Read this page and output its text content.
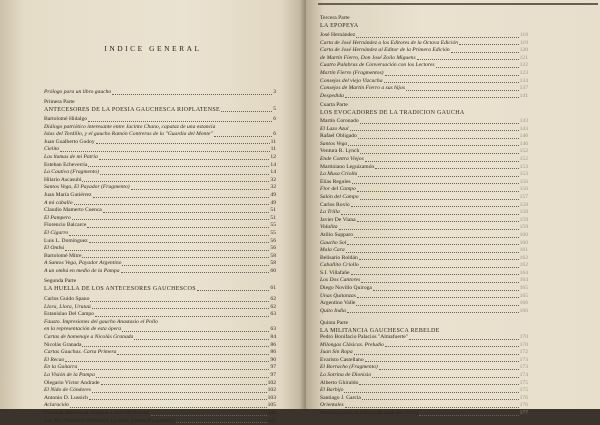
INDICE GENERAL
Prólogo para un libro gaucho	3
Primera Parte
ANTECESORES DE LA POESIA GAUCHESCA RIOPLATENSE	5
Bartolomé Hidalgo	6
Diálogo patriótico interesante entre Jacinto Chano, capataz de una estancia
Islas del Tordillo, y el gaucho Ramón Contreras de la "Guardia del Monte"	6
Juan Gualberto Godoy	11
Cielito	11
Las llamas de mi Patria	12
Esteban Echeverría	14
La Cautiva (Fragmento)	14
Hilario Ascasubi	32
Santos Vega, El Payador (Fragmento)	32
Juan María Gutiérrez	49
A mi caballo	49
Claudio Mamerto Cuenca	51
El Pampero	51
Florencio Balcarce	55
El Cigarro	55
Luis L. Domínguez	56
El Ombú	56
Bartolomé Mitre	58
A Santos Vega, Payador Argentino	58
A un ombú en medio de la Pampa	60
Segunda Parte
LA HUELLA DE LOS ANTECESORES GAUCHESCOS	61
Carlos Guido Spano	62
Llora, Llora, Urutaú	62
Estanislao Del Campo	63
Fausto. Impresiones del gaucho Anastasio el Pollo
en la representación de esta ópera	63
Cartas de homenaje a Nicolás Granada	84
Nicolás Granada	86
Cartas Gauchas. Carta Primera	86
El Recao	90
En la Guitarra	97
La Visión de la Pampa	97
Olegario Víctor Andrade	102
El Nido de Cóndores	102
Antonio D. Lussich	103
Aclaración	105
Carta de Antonio D. Lussich a José Hernández	106
Los Tres Gauchos Orientales Luciano Santos (Fragmento)	107
Tercera Parte
LA EPOPEYA
José Hernández	118
Carta de José Hernández a los Editores de la Octava Edición	119
Carta de José Hernández al Editor de la Primera Edición	120
de Martín Fierro, Don José Zoilo Miguens	121
Cuatro Palabras de Conversación con los Lectores	122
Martín Fierro (Fragmentos)	123
Consejos del viejo Vizcacha	134
Consejos de Martín Fierro a sus hijos	137
Despedida	141
Cuarta Parte
LOS EVOCADORES DE LA TRADICION GAUCHA
Martín Coronado	143
El Lazo Azul	143
Rafael Obligado	146
Santos Vega	146
Ventura R. Lynch	152
Ende Contra Viejos	152
Martiniano Leguizamón	153
La Musa Criolla	153
Elías Regules	156
Flor del Campo	156
Salón del Campo	157
Carlos Roxlo	158
La Trilla	158
Javier De Viana	159
Vidalita	159
Atilio Supparo	160
Gaucho Sol	160
Mala Cara	161
Belisario Roldán	162
Caballito Criollo	162
S.I. Villafañe	164
Los Dos Cantores	164
Diego Novillo Quiroga	165
Unas Quitanzas	165
Argentino Valle	166
Quito India	166
Quinta Parte
LA MILITANCIA GAUCHESCA REBELDE
Pedro Bonifacio Palacios "Almafuerte"	170
Milongas Clásicas. Preludio	170
Juan Sin Ropa	172
Evaristo Castellano	173
El Borracho (Fragmento)	173
La Sotrina de Dionisio	174
Alberto Ghiraldo	175
El Barbijo	175
Santiago J. García	176
Orientales	176
Romance para el velorio de Juan Sin Tierra	177
